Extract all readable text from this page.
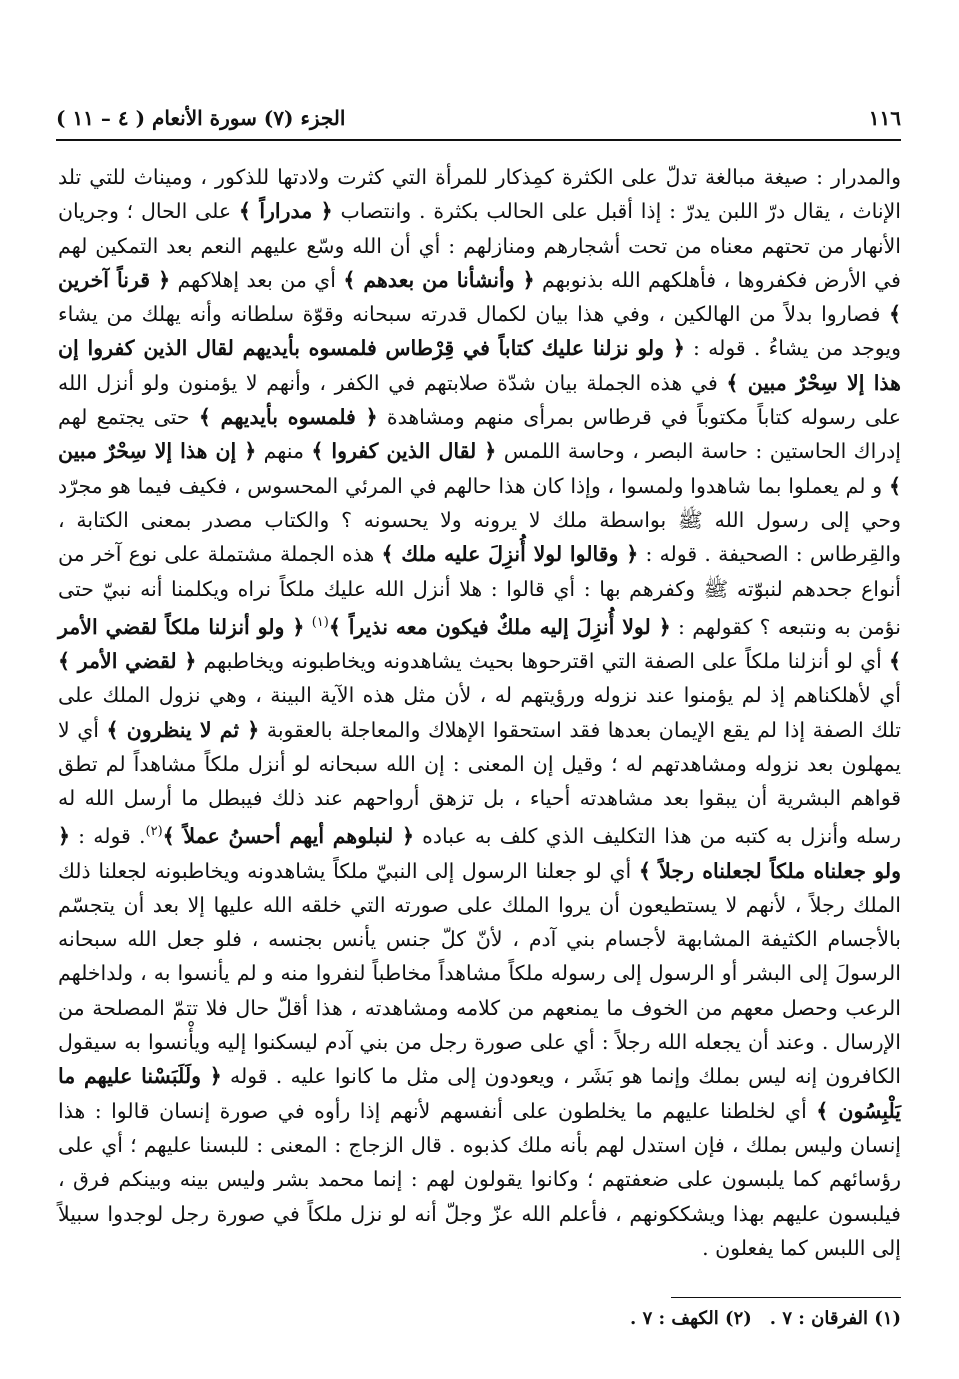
١١٦
الجزء (٧) سورة الأنعام ( ٤ – ١١ )

والمدرار : صيغة مبالغة تدلّ على الكثرة كمِذكار للمرأة التي كثرت ولادتها للذكور ، وميناث للتي تلد الإناث ، يقال درّ اللبن يدرّ : إذا أقبل على الحالب بكثرة . وانتصاب ﴿ مدراراً ﴾ على الحال ؛ وجريان الأنهار من تحتهم معناه من تحت أشجارهم ومنازلهم : أي أن الله وسّع عليهم النعم بعد التمكين لهم في الأرض فكفروها ، فأهلكهم الله بذنوبهم ﴿ وأنشأنا من بعدهم ﴾ أي من بعد إهلاكهم ﴿ قرناً آخرين ﴾ فصاروا بدلاً من الهالكين ، وفي هذا بيان لكمال قدرته سبحانه وقوّة سلطانه وأنه يهلك من يشاء ويوجد من يشاءُ . قوله : ﴿ ولو نزلنا عليك كتاباً في قِرْطاس فلمسوه بأيديهم لقال الذين كفروا إن هذا إلا سِحْرٌ مبين ﴾ في هذه الجملة بيان شدّة صلابتهم في الكفر ، وأنهم لا يؤمنون ولو أنزل الله على رسوله كتاباً مكتوباً في قرطاس بمرأى منهم ومشاهدة ﴿ فلمسوه بأيديهم ﴾ حتى يجتمع لهم إدراك الحاستين : حاسة البصر ، وحاسة اللمس ﴿ لقال الذين كفروا ﴾ منهم ﴿ إن هذا إلا سِحْرٌ مبين ﴾ و لم يعملوا بما شاهدوا ولمسوا ، وإذا كان هذا حالهم في المرئي المحسوس ، فكيف فيما هو مجرّد وحي إلى رسول الله ﷺ بواسطة ملك لا يرونه ولا يحسونه ؟ والكتاب مصدر بمعنى الكتابة ، والقِرطاس : الصحيفة . قوله : ﴿ وقالوا لولا أُنزِلَ عليه ملك ﴾ هذه الجملة مشتملة على نوع آخر من أنواع جحدهم لنبوّته ﷺ وكفرهم بها : أي قالوا : هلا أنزل الله عليك ملكاً نراه ويكلمنا أنه نبيّ حتى نؤمن به ونتبعه ؟ كقولهم : ﴿ لولا أُنزِلَ إليه ملكٌ فيكون معه نذيراً ﴾$^{(١)}$ ﴿ ولو أنزلنا ملكاً لقضي الأمر ﴾ أي لو أنزلنا ملكاً على الصفة التي اقترحوها بحيث يشاهدونه ويخاطبونه ويخاطبهم ﴿ لقضي الأمر ﴾ أي لأهلكناهم إذ لم يؤمنوا عند نزوله ورؤيتهم له ، لأن مثل هذه الآية البينة ، وهي نزول الملك على تلك الصفة إذا لم يقع الإيمان بعدها فقد استحقوا الإهلاك والمعاجلة بالعقوبة ﴿ ثم لا ينظرون ﴾ أي لا يمهلون بعد نزوله ومشاهدتهم له ؛ وقيل إن المعنى : إن الله سبحانه لو أنزل ملكاً مشاهداً لم تطق قواهم البشرية أن يبقوا بعد مشاهدته أحياء ، بل تزهق أرواحهم عند ذلك فيبطل ما أرسل الله له رسله وأنزل به كتبه من هذا التكليف الذي كلف به عباده ﴿ لنبلوهم أيهم أحسنُ عملاً ﴾$^{(٢)}$. قوله : ﴿ ولو جعلناه ملكاً لجعلناه رجلاً ﴾ أي لو جعلنا الرسول إلى النبيّ ملكاً يشاهدونه ويخاطبونه لجعلنا ذلك الملك رجلاً ، لأنهم لا يستطيعون أن يروا الملك على صورته التي خلقه الله عليها إلا بعد أن يتجسّم بالأجسام الكثيفة المشابهة لأجسام بني آدم ، لأنّ كلّ جنس يأنس بجنسه ، فلو جعل الله سبحانه الرسولَ إلى البشر أو الرسول إلى رسوله ملكاً مشاهداً مخاطباً لنفروا منه و لم يأنسوا به ، ولداخلهم الرعب وحصل معهم من الخوف ما يمنعهم من كلامه ومشاهدته ، هذا أقلّ حال فلا تتمّ المصلحة من الإرسال . وعند أن يجعله الله رجلاً : أي على صورة رجل من بني آدم ليسكنوا إليه ويأْنسوا به سيقول الكافرون إنه ليس بملك وإنما هو بَشَر ، ويعودون إلى مثل ما كانوا عليه . قوله ﴿ ولَلَبَسْنا عليهم ما يَلْبِسُون ﴾ أي لخلطنا عليهم ما يخلطون على أنفسهم لأنهم إذا رأوه في صورة إنسان قالوا : هذا إنسان وليس بملك ، فإن استدل لهم بأنه ملك كذبوه . قال الزجاج : المعنى : للبسنا عليهم ؛ أي على رؤسائهم كما يلبسون على ضعفتهم ؛ وكانوا يقولون لهم : إنما محمد بشر وليس بينه وبينكم فرق ، فيلبسون عليهم بهذا ويشككونهم ، فأعلم الله عزّ وجلّ أنه لو نزل ملكاً في صورة رجل لوجدوا سبيلاً إلى اللبس كما يفعلون .

(١) الفرقان : ٧ .(٢) الكهف : ٧ .
